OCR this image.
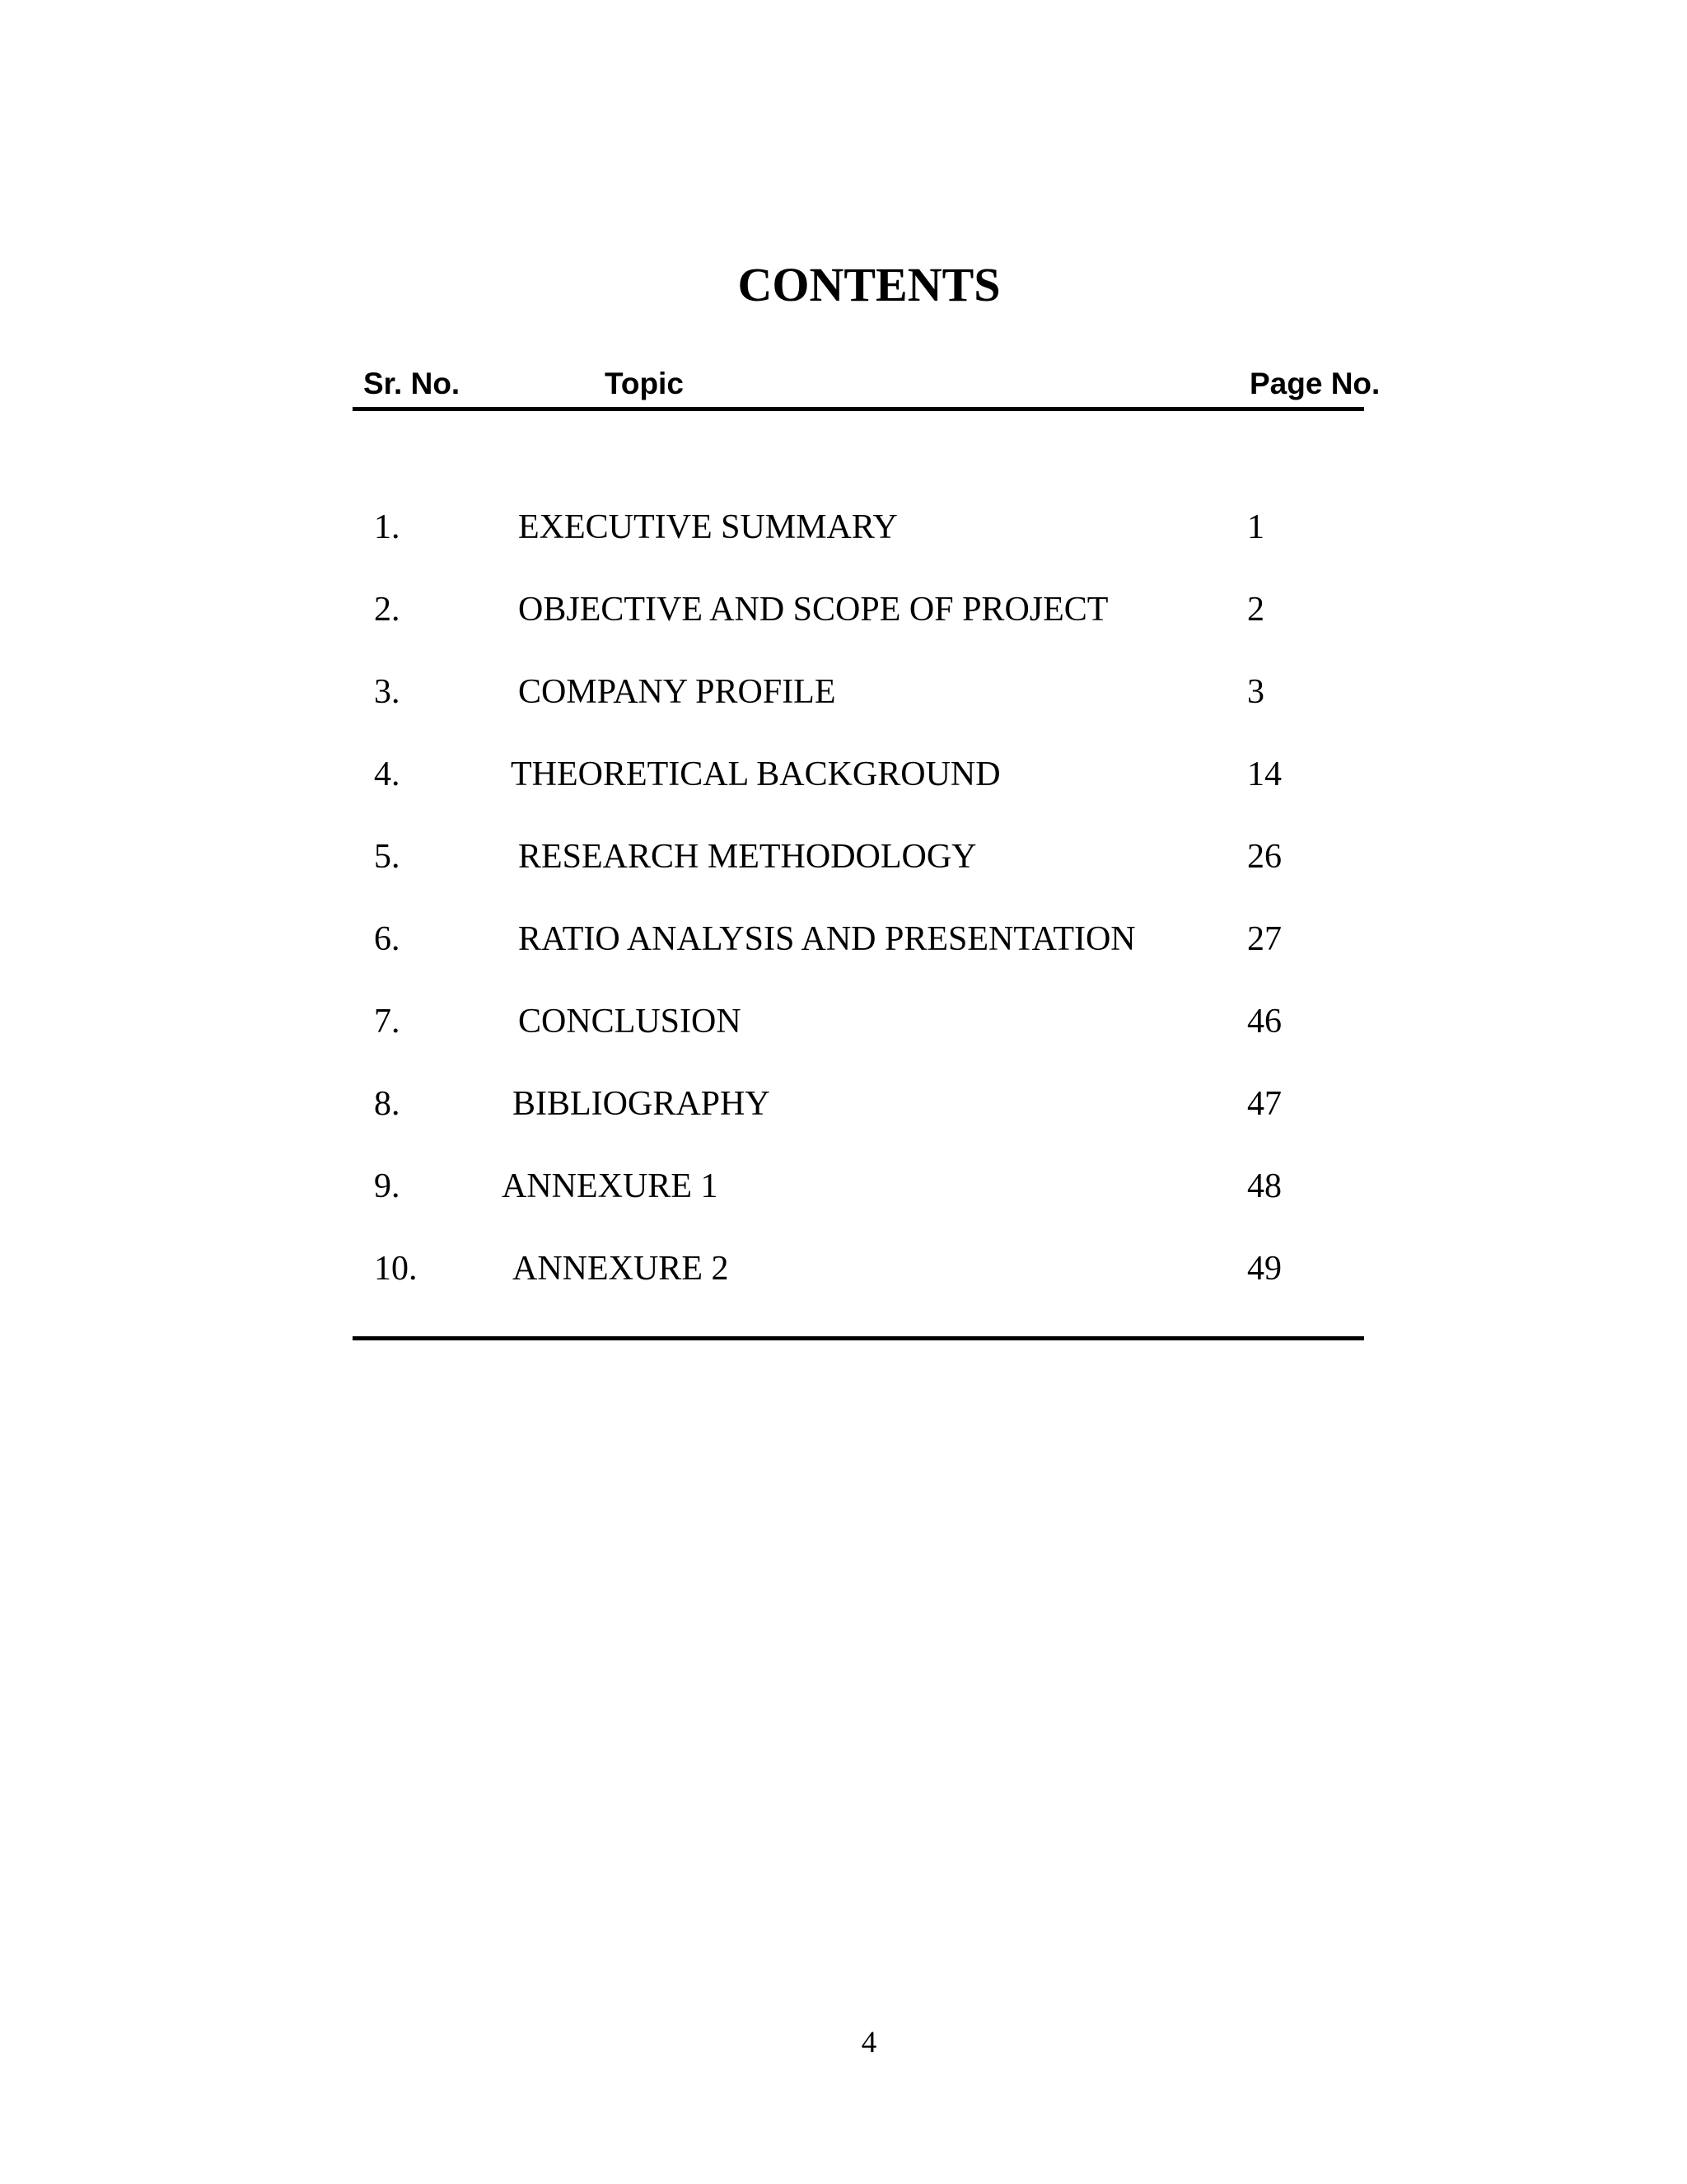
CONTENTS
Sr. No.	Topic	Page No.
1.	EXECUTIVE SUMMARY	1
2.	OBJECTIVE AND SCOPE OF PROJECT	2
3.	COMPANY PROFILE	3
4.	THEORETICAL BACKGROUND	14
5.	RESEARCH METHODOLOGY	26
6.	RATIO ANALYSIS AND PRESENTATION	27
7.	CONCLUSION	46
8.	BIBLIOGRAPHY	47
9.	ANNEXURE 1	48
10.	ANNEXURE 2	49
4
